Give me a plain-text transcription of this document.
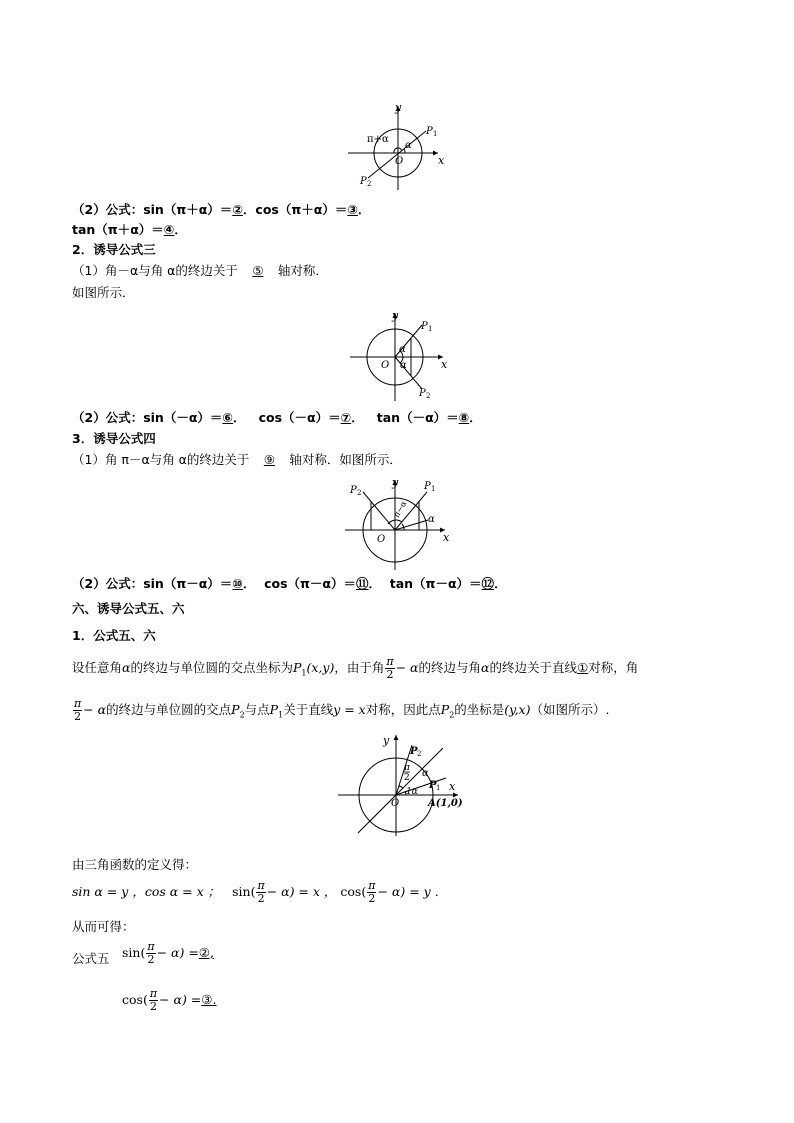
y
x
O
P 1
P 2
π+α
α
（2）公式：sin（π＋α）＝②．cos（π＋α）＝③．
tan（π＋α）＝④．
2．诱导公式三
（1）角－α与角 α的终边关于 ⑤ 轴对称．
如图所示．
y
x
O
P 1
P 2
α
α
（2）公式：sin（－α）＝⑥．   cos（－α）＝⑦．   tan（－α）＝⑧．
3．诱导公式四
（1）角 π－α与角 α的终边关于 ⑨ 轴对称．如图所示．
y
x
O
P 1
P 2
α
π−α
（2）公式：sin（π－α）＝⑩．  cos（π－α）＝⑪．  tan（π－α）＝⑫．
六、诱导公式五、六
1．公式五、六
设任意角α的终边与单位圆的交点坐标为$P_1(x,y)$，由于角 $\frac{\pi}{2} - \alpha$的终边与角α的终边关于直线①对称，角
$\frac{\pi}{2} - \alpha$的终边与单位圆的交点$P_2$与点$P_1$关于直线y = x对称，因此点$P_2$的坐标是(y,x)（如图所示）.
y
x
O
P 2
P 1
A(1,0)
π
2 α
1α
由三角函数的定义得：
sin α = y ，cos α = x ； $\sin( \frac{\pi}{2} - \alpha) = x$ ， $\cos( \frac{\pi}{2} - \alpha) = y$ ．
从而可得：
公式五 $\sin( \frac{\pi}{2} - \alpha)$ =②,
$\cos( \frac{\pi}{2} - \alpha)$ =③.
